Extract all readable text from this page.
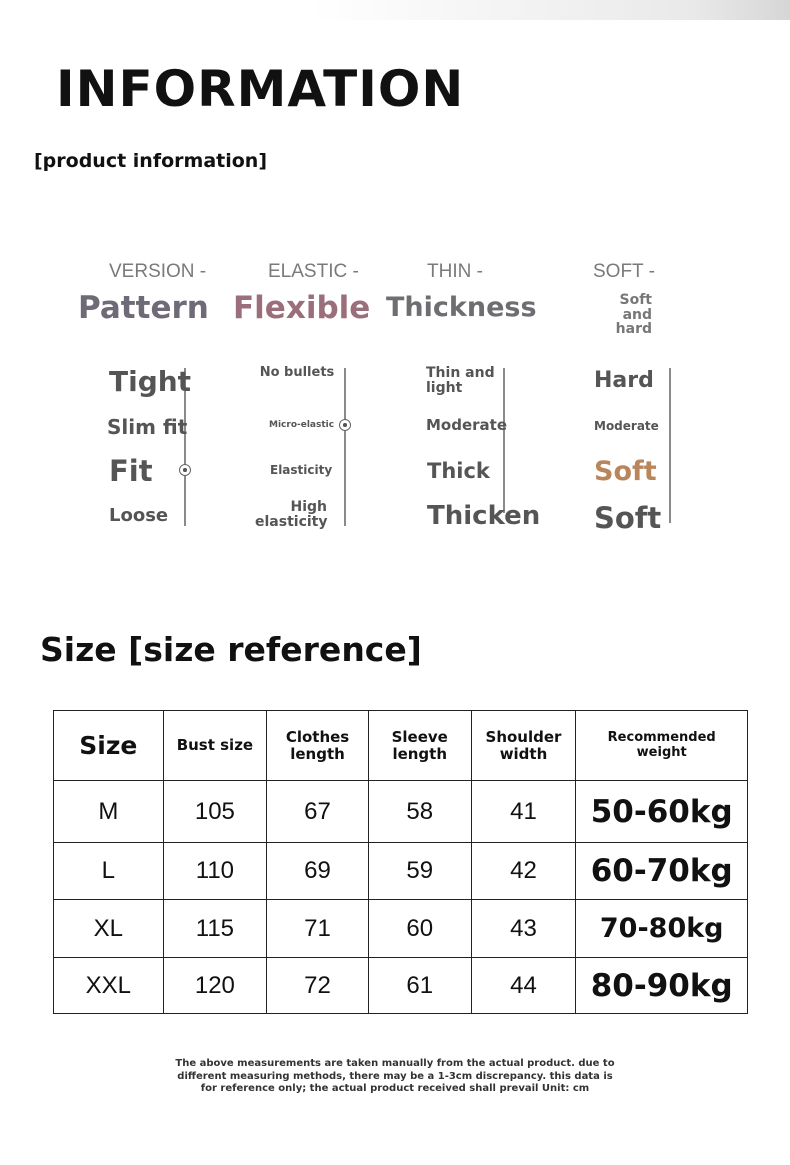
INFORMATION
[product information]
VERSION -
Pattern
Tight
Slim fit
Fit
Loose
ELASTIC -
Flexible
No bullets
Micro-elastic
Elasticity
High elasticity
THIN -
Thickness
Thin and light
Moderate
Thick
Thicken
SOFT -
Soft and hard
Hard
Moderate
Soft
Soft
Size [size reference]
Size	Bust size	Clothes length	Sleeve length	Shoulder width	Recommended weight

M	105	67	58	41	50-60kg
L	110	69	59	42	60-70kg
XL	115	71	60	43	70-80kg
XXL	120	72	61	44	80-90kg
The above measurements are taken manually from the actual product. due to different measuring methods, there may be a 1-3cm discrepancy. this data is for reference only; the actual product received shall prevail Unit: cm
